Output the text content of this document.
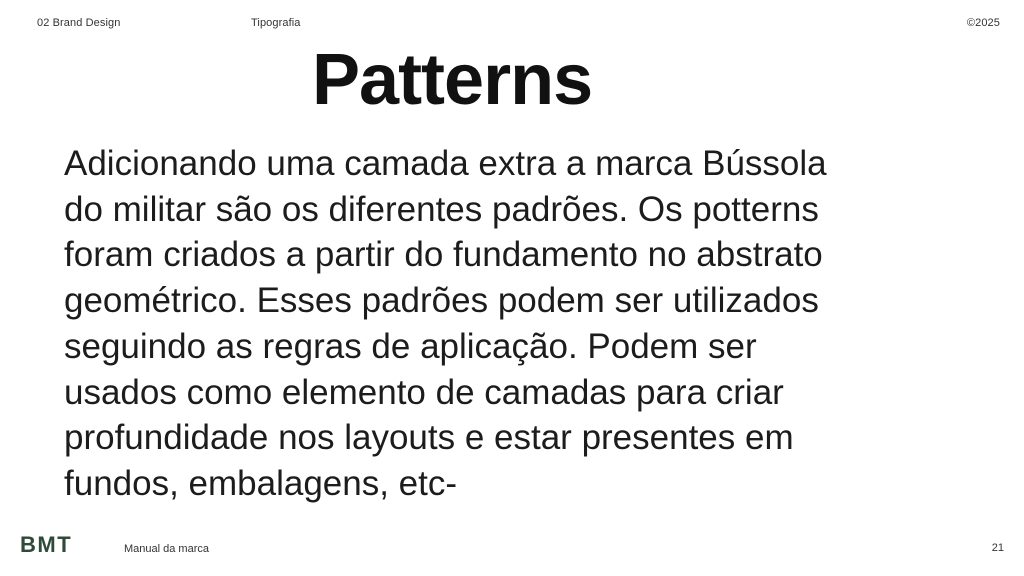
02 Brand Design	Tipografia	©2025
Patterns

Adicionando uma camada extra a marca Bússola
do militar são os diferentes padrões. Os potterns
foram criados a partir do fundamento no abstrato
geométrico. Esses padrões podem ser utilizados
seguindo as regras de aplicação. Podem ser
usados como elemento de camadas para criar
profundidade nos layouts e estar presentes em
fundos, embalagens, etc-

BMT	Manual da marca	21
